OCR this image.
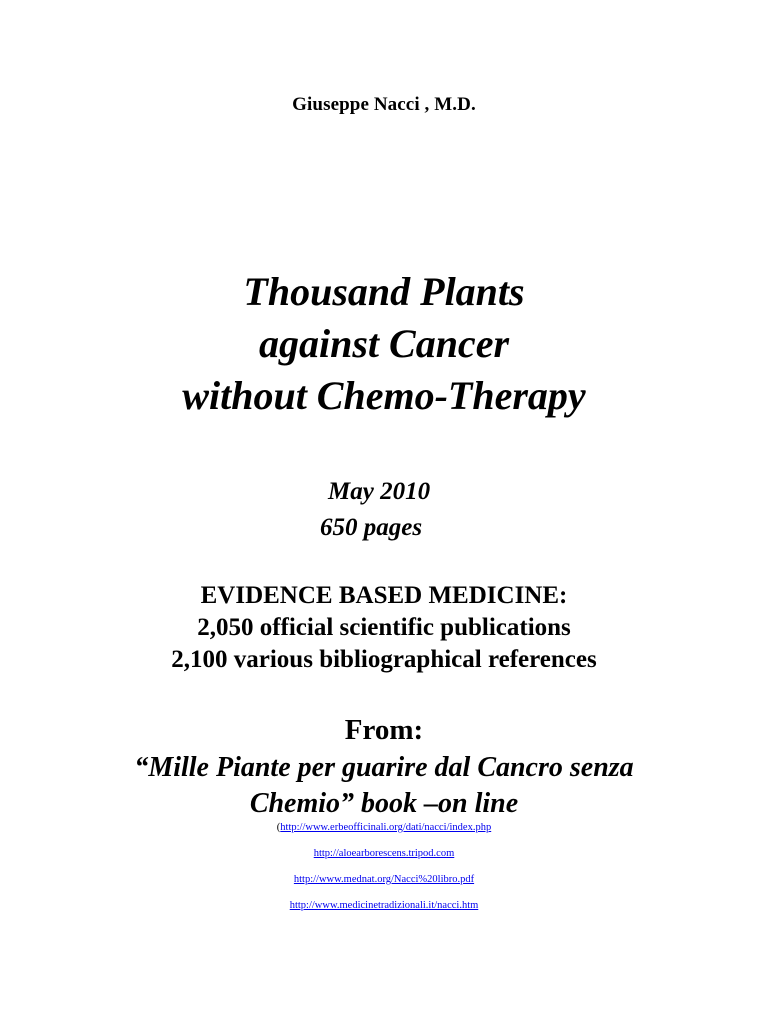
Giuseppe Nacci , M.D.
Thousand Plants
against Cancer
without Chemo-Therapy
May 2010
650 pages
EVIDENCE BASED MEDICINE:
2,050 official scientific publications
2,100 various bibliographical references
From:
“Mille Piante per guarire dal Cancro senza
Chemio” book –on line
(http://www.erbeofficinali.org/dati/nacci/index.php
http://aloearborescens.tripod.com
http://www.mednat.org/Nacci%20libro.pdf
http://www.medicinetradizionali.it/nacci.htm
